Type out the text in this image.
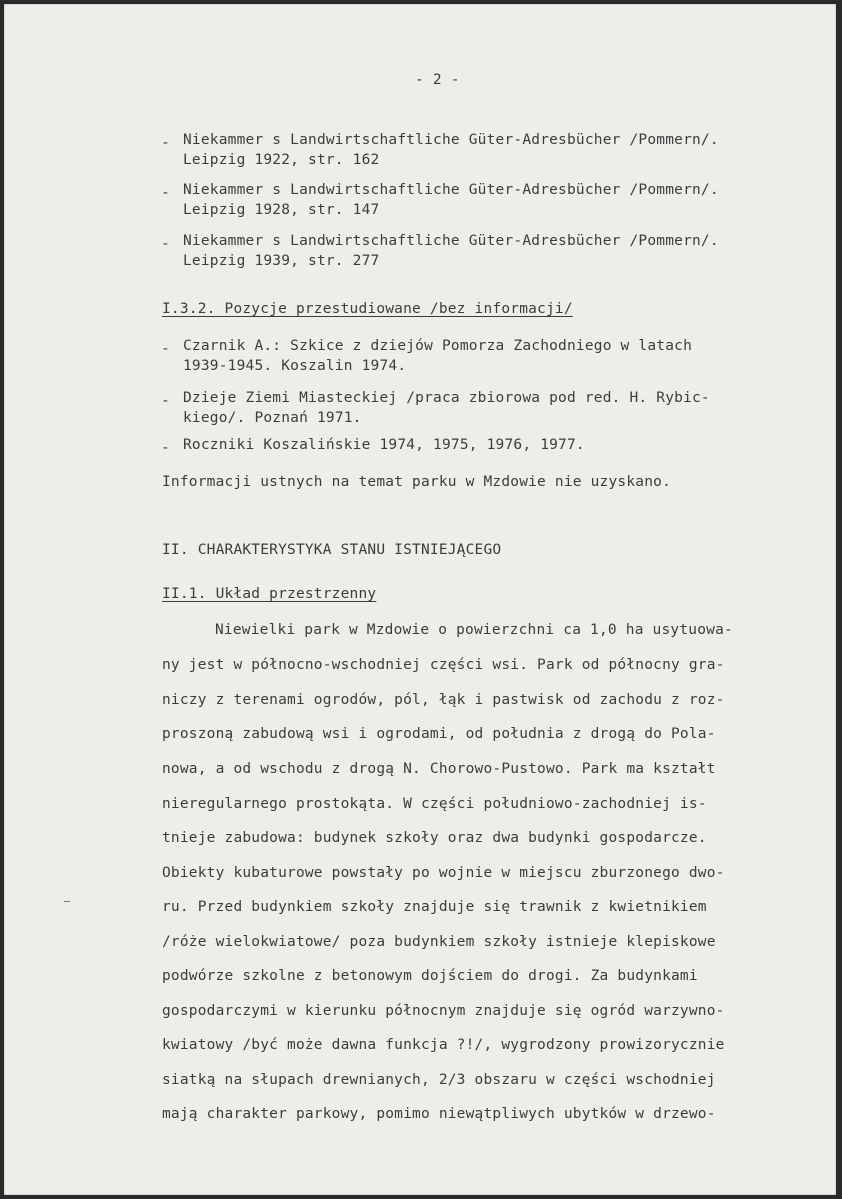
- 2 -
- Niekammer s Landwirtschaftliche Güter-Adresbücher /Pommern/.
Leipzig 1922, str. 162
- Niekammer s Landwirtschaftliche Güter-Adresbücher /Pommern/.
Leipzig 1928, str. 147
- Niekammer s Landwirtschaftliche Güter-Adresbücher /Pommern/.
Leipzig 1939, str. 277
I.3.2. Pozycje przestudiowane /bez informacji/
- Czarnik A.: Szkice z dziejów Pomorza Zachodniego w latach
1939-1945. Koszalin 1974.
- Dzieje Ziemi Miasteckiej /praca zbiorowa pod red. H. Rybic-
kiego/. Poznań 1971.
- Roczniki Koszalińskie 1974, 1975, 1976, 1977.
Informacji ustnych na temat parku w Mzdowie nie uzyskano.
II. CHARAKTERYSTYKA STANU ISTNIEJĄCEGO
II.1. Układ przestrzenny
Niewielki park w Mzdowie o powierzchni ca 1,0 ha usytuowa-
ny jest w północno-wschodniej części wsi. Park od północny gra-
niczy z terenami ogrodów, pól, łąk i pastwisk od zachodu z roz-
proszoną zabudową wsi i ogrodami, od południa z drogą do Pola-
nowa, a od wschodu z drogą N. Chorowo-Pustowo. Park ma kształt
nieregularnego prostokąta. W części południowo-zachodniej is-
tnieje zabudowa: budynek szkoły oraz dwa budynki gospodarcze.
Obiekty kubaturowe powstały po wojnie w miejscu zburzonego dwo-
ru. Przed budynkiem szkoły znajduje się trawnik z kwietnikiem
/róże wielokwiatowe/ poza budynkiem szkoły istnieje klepiskowe
podwórze szkolne z betonowym dojściem do drogi. Za budynkami
gospodarczymi w kierunku północnym znajduje się ogród warzywno-
kwiatowy /być może dawna funkcja ?!/, wygrodzony prowizorycznie
siatką na słupach drewnianych, 2/3 obszaru w części wschodniej
mają charakter parkowy, pomimo niewątpliwych ubytków w drzewo-
